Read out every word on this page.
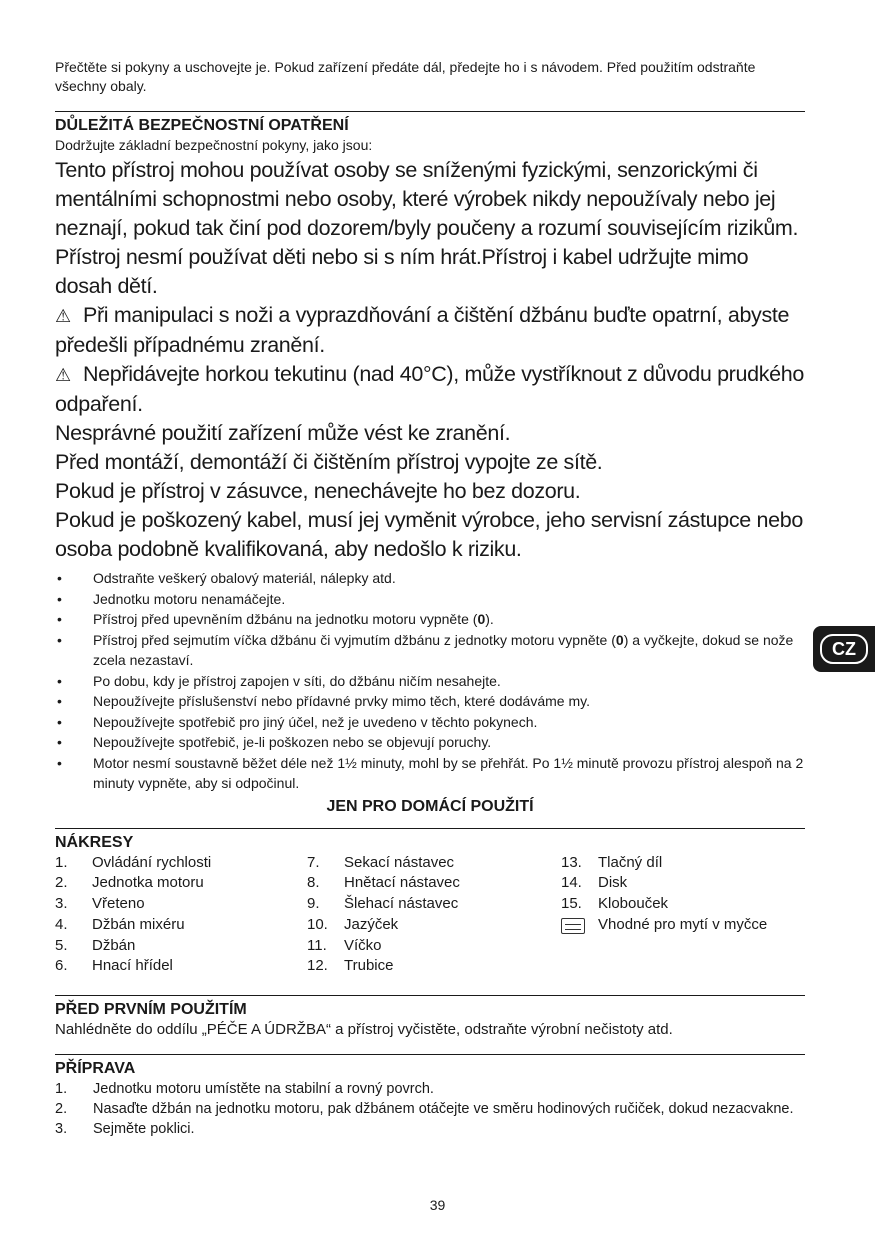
Přečtěte si pokyny a uschovejte je. Pokud zařízení předáte dál, předejte ho i s návodem. Před použitím odstraňte všechny obaly.

DŮLEŽITÁ BEZPEČNOSTNÍ OPATŘENÍ

Dodržujte základní bezpečnostní pokyny, jako jsou:

Tento přístroj mohou používat osoby se sníženými fyzickými, senzorickými či mentálními schopnostmi nebo osoby, které výrobek nikdy nepoužívaly nebo jej neznají, pokud tak činí pod dozorem/byly poučeny a rozumí souvisejícím rizikům. Přístroj nesmí používat děti nebo si s ním hrát.Přístroj i kabel udržujte mimo dosah dětí.

⚠ Při manipulaci s noži a vyprazdňování a čištění džbánu buďte opatrní, abyste předešli případnému zranění.

⚠ Nepřidávejte horkou tekutinu (nad 40°C), může vystříknout z důvodu prudkého odpaření.

Nesprávné použití zařízení může vést ke zranění.

Před montáží, demontáží či čištěním přístroj vypojte ze sítě.

Pokud je přístroj v zásuvce, nenechávejte ho bez dozoru.

Pokud je poškozený kabel, musí jej vyměnit výrobce, jeho servisní zástupce nebo osoba podobně kvalifikovaná, aby nedošlo k riziku.

• Odstraňte veškerý obalový materiál, nálepky atd.
• Jednotku motoru nenamáčejte.
• Přístroj před upevněním džbánu na jednotku motoru vypněte (0).
• Přístroj před sejmutím víčka džbánu či vyjmutím džbánu z jednotky motoru vypněte (0) a vyčkejte, dokud se nože zcela nezastaví.
• Po dobu, kdy je přístroj zapojen v síti, do džbánu ničím nesahejte.
• Nepoužívejte příslušenství nebo přídavné prvky mimo těch, které dodáváme my.
• Nepoužívejte spotřebič pro jiný účel, než je uvedeno v těchto pokynech.
• Nepoužívejte spotřebič, je-li poškozen nebo se objevují poruchy.
• Motor nesmí soustavně běžet déle než 1½ minuty, mohl by se přehřát. Po 1½ minutě provozu přístroj alespoň na 2 minuty vypněte, aby si odpočinul.

JEN PRO DOMÁCÍ POUŽITÍ

NÁKRESY

1.	Ovládání rychlosti
2.	Jednotka motoru
3.	Vřeteno
4.	Džbán mixéru
5.	Džbán
6.	Hnací hřídel
7.	Sekací nástavec
8.	Hnětací nástavec
9.	Šlehací nástavec
10.	Jazýček
11.	Víčko
12.	Trubice
13.	Tlačný díl
14.	Disk
15.	Klobouček
Vhodné pro mytí v myčce

PŘED PRVNÍM POUŽITÍM

Nahlédněte do oddílu „PÉČE A ÚDRŽBA“ a přístroj vyčistěte, odstraňte výrobní nečistoty atd.

PŘÍPRAVA

1. Jednotku motoru umístěte na stabilní a rovný povrch.
2. Nasaďte džbán na jednotku motoru, pak džbánem otáčejte ve směru hodinových ručiček, dokud nezacvakne.
3. Sejměte poklici.
CZ
39
